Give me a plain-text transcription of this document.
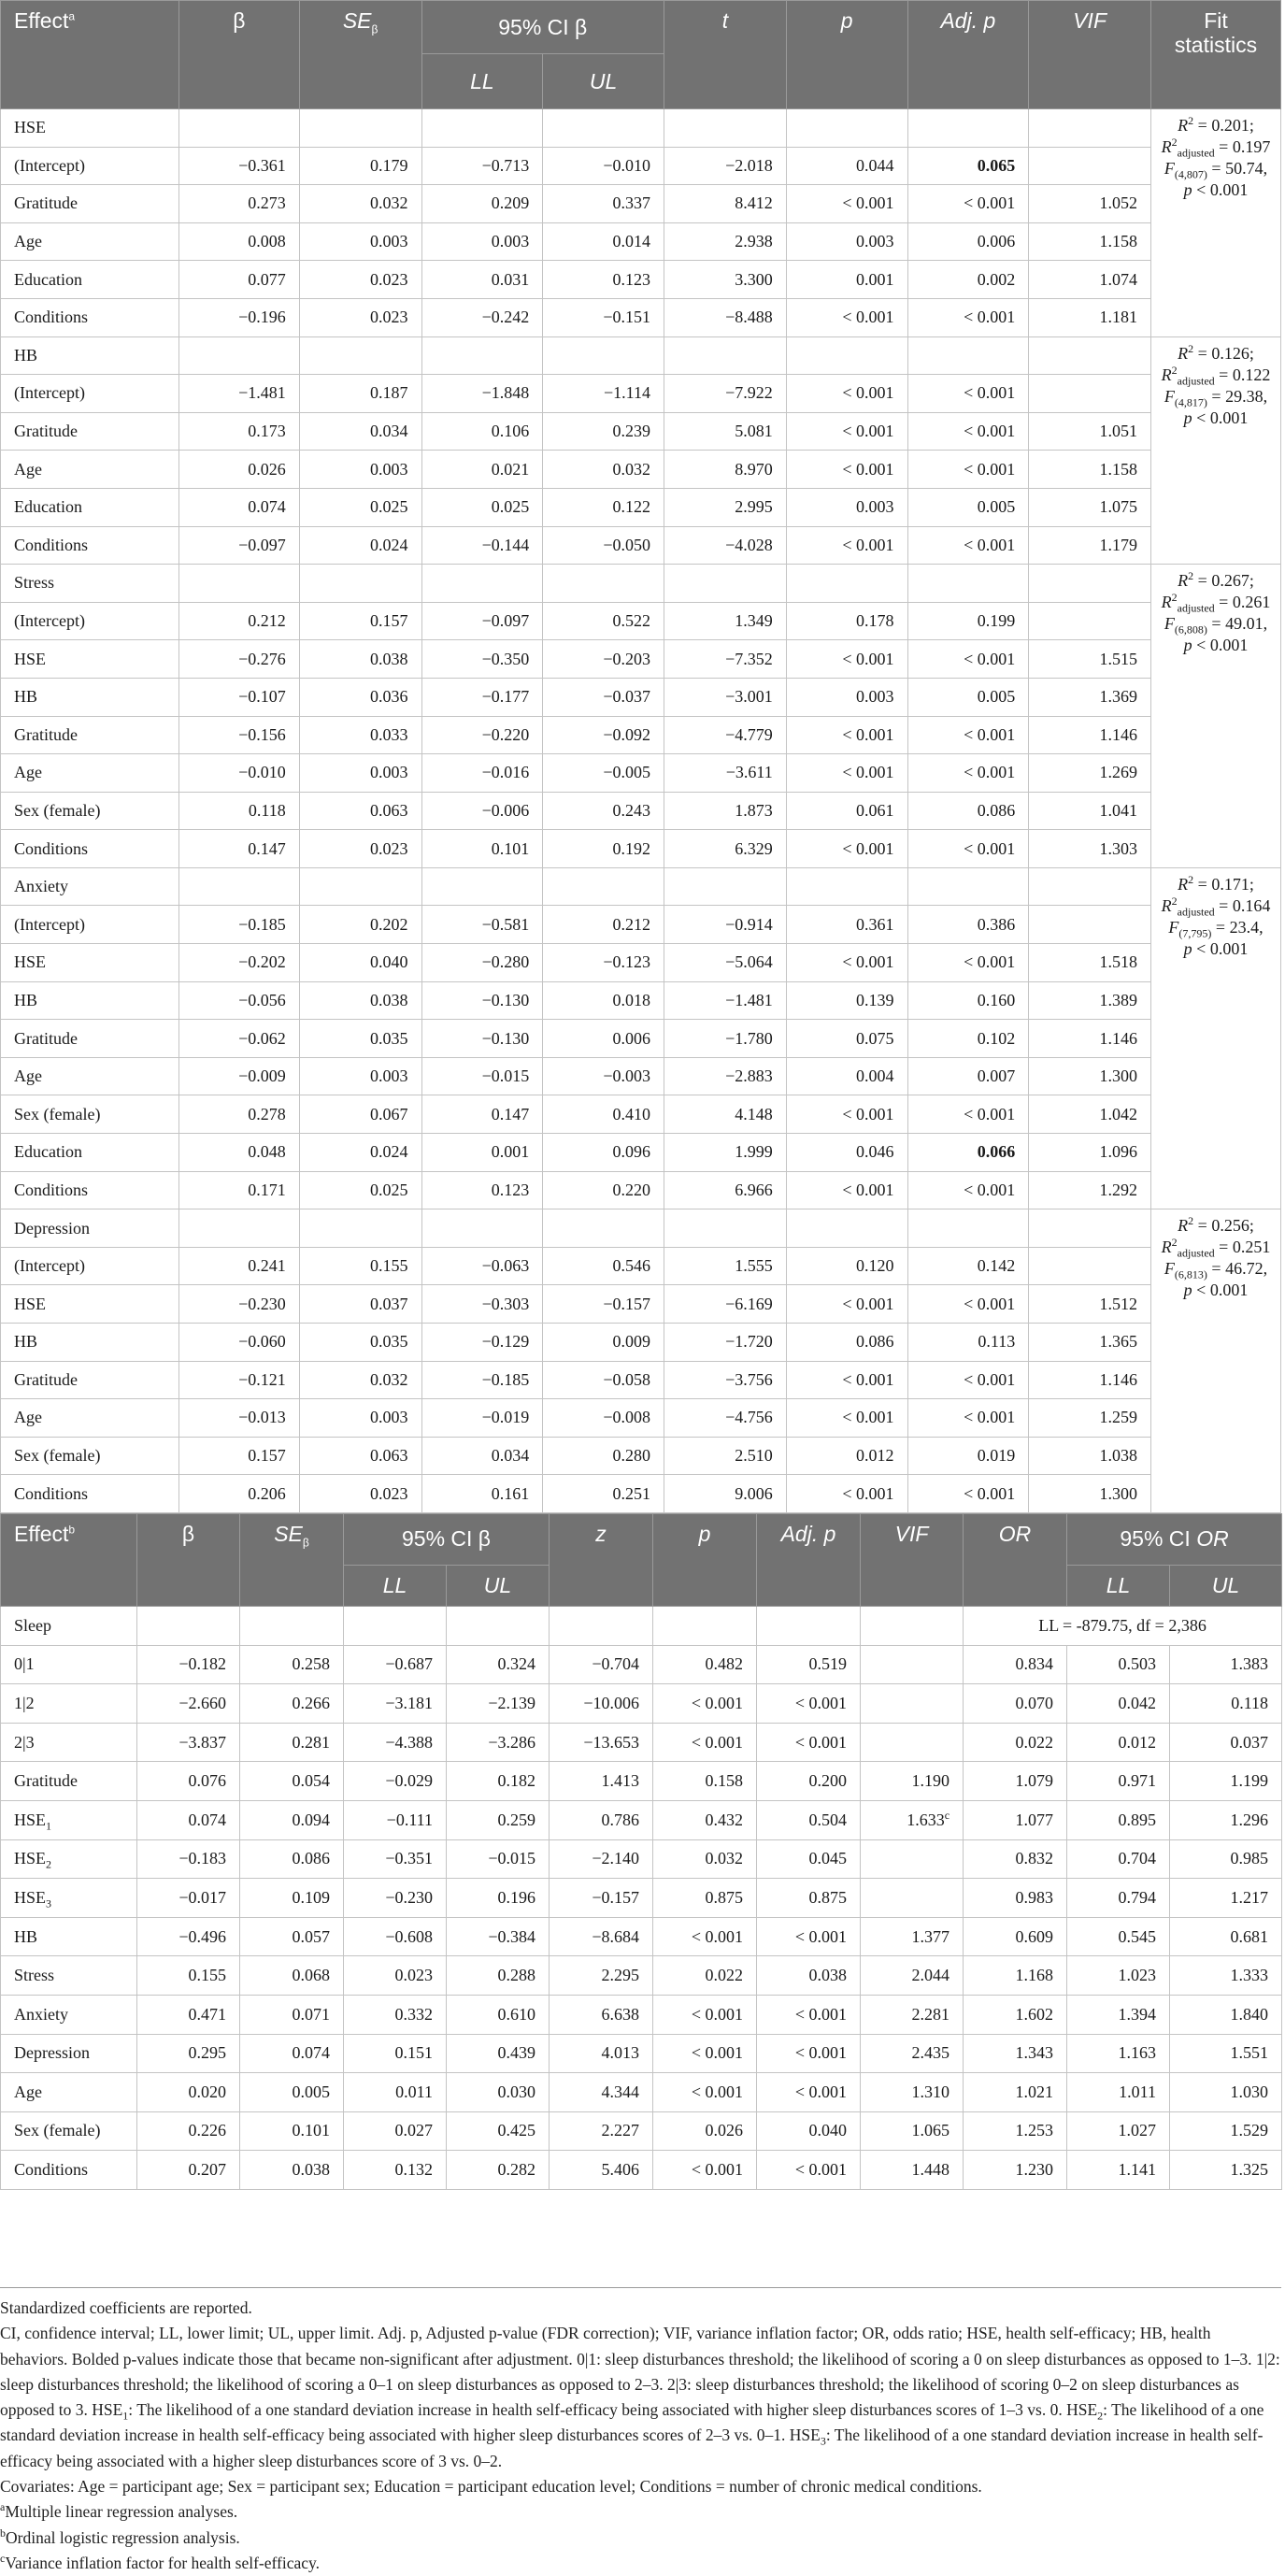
Effect$^a$	β	$SE_\beta$	95% CI β		t	p	Adj. p	VIF	Fit statistics
			LL	UL					
HSE									$R^2 = 0.201$;
$R^2_{adjusted} = 0.197$
$F_{(4,807)} = 50.74$,
p < 0.001
(Intercept)	−0.361	0.179	−0.713	−0.010	−2.018	0.044	0.065		
Gratitude	0.273	0.032	0.209	0.337	8.412	< 0.001	< 0.001	1.052	
Age	0.008	0.003	0.003	0.014	2.938	0.003	0.006	1.158	
Education	0.077	0.023	0.031	0.123	3.300	0.001	0.002	1.074	
Conditions	−0.196	0.023	−0.242	−0.151	−8.488	< 0.001	< 0.001	1.181	
HB									$R^2 = 0.126$;
$R^2_{adjusted} = 0.122$
$F_{(4,817)} = 29.38$,
p < 0.001
(Intercept)	−1.481	0.187	−1.848	−1.114	−7.922	< 0.001	< 0.001		
Gratitude	0.173	0.034	0.106	0.239	5.081	< 0.001	< 0.001	1.051	
Age	0.026	0.003	0.021	0.032	8.970	< 0.001	< 0.001	1.158	
Education	0.074	0.025	0.025	0.122	2.995	0.003	0.005	1.075	
Conditions	−0.097	0.024	−0.144	−0.050	−4.028	< 0.001	< 0.001	1.179	
Stress									$R^2 = 0.267$;
$R^2_{adjusted} = 0.261$
$F_{(6,808)} = 49.01$,
p < 0.001
(Intercept)	0.212	0.157	−0.097	0.522	1.349	0.178	0.199		
HSE	−0.276	0.038	−0.350	−0.203	−7.352	< 0.001	< 0.001	1.515	
HB	−0.107	0.036	−0.177	−0.037	−3.001	0.003	0.005	1.369	
Gratitude	−0.156	0.033	−0.220	−0.092	−4.779	< 0.001	< 0.001	1.146	
Age	−0.010	0.003	−0.016	−0.005	−3.611	< 0.001	< 0.001	1.269	
Sex (female)	0.118	0.063	−0.006	0.243	1.873	0.061	0.086	1.041	
Conditions	0.147	0.023	0.101	0.192	6.329	< 0.001	< 0.001	1.303	
Anxiety									$R^2 = 0.171$;
$R^2_{adjusted} = 0.164$
$F_{(7,795)} = 23.4$,
p < 0.001
(Intercept)	−0.185	0.202	−0.581	0.212	−0.914	0.361	0.386		
HSE	−0.202	0.040	−0.280	−0.123	−5.064	< 0.001	< 0.001	1.518	
HB	−0.056	0.038	−0.130	0.018	−1.481	0.139	0.160	1.389	
Gratitude	−0.062	0.035	−0.130	0.006	−1.780	0.075	0.102	1.146	
Age	−0.009	0.003	−0.015	−0.003	−2.883	0.004	0.007	1.300	
Sex (female)	0.278	0.067	0.147	0.410	4.148	< 0.001	< 0.001	1.042	
Education	0.048	0.024	0.001	0.096	1.999	0.046	0.066	1.096	
Conditions	0.171	0.025	0.123	0.220	6.966	< 0.001	< 0.001	1.292	
Depression									$R^2 = 0.256$;
$R^2_{adjusted} = 0.251$
$F_{(6,813)} = 46.72$,
p < 0.001
(Intercept)	0.241	0.155	−0.063	0.546	1.555	0.120	0.142		
HSE	−0.230	0.037	−0.303	−0.157	−6.169	< 0.001	< 0.001	1.512	
HB	−0.060	0.035	−0.129	0.009	−1.720	0.086	0.113	1.365	
Gratitude	−0.121	0.032	−0.185	−0.058	−3.756	< 0.001	< 0.001	1.146	
Age	−0.013	0.003	−0.019	−0.008	−4.756	< 0.001	< 0.001	1.259	
Sex (female)	0.157	0.063	0.034	0.280	2.510	0.012	0.019	1.038	
Conditions	0.206	0.023	0.161	0.251	9.006	< 0.001	< 0.001	1.300	
Effect$^b$	β	$SE_\beta$	95% CI β		z	p	Adj. p	VIF	OR	95% CI OR	
			LL	UL						LL	UL
Sleep									LL = -879.75, df = 2,386		
0|1	−0.182	0.258	−0.687	0.324	−0.704	0.482	0.519		0.834	0.503	1.383
1|2	−2.660	0.266	−3.181	−2.139	−10.006	< 0.001	< 0.001		0.070	0.042	0.118
2|3	−3.837	0.281	−4.388	−3.286	−13.653	< 0.001	< 0.001		0.022	0.012	0.037
Gratitude	0.076	0.054	−0.029	0.182	1.413	0.158	0.200	1.190	1.079	0.971	1.199
$HSE_1$	0.074	0.094	−0.111	0.259	0.786	0.432	0.504	1.633$^c$	1.077	0.895	1.296
$HSE_2$	−0.183	0.086	−0.351	−0.015	−2.140	0.032	0.045		0.832	0.704	0.985
$HSE_3$	−0.017	0.109	−0.230	0.196	−0.157	0.875	0.875		0.983	0.794	1.217
HB	−0.496	0.057	−0.608	−0.384	−8.684	< 0.001	< 0.001	1.377	0.609	0.545	0.681
Stress	0.155	0.068	0.023	0.288	2.295	0.022	0.038	2.044	1.168	1.023	1.333
Anxiety	0.471	0.071	0.332	0.610	6.638	< 0.001	< 0.001	2.281	1.602	1.394	1.840
Depression	0.295	0.074	0.151	0.439	4.013	< 0.001	< 0.001	2.435	1.343	1.163	1.551
Age	0.020	0.005	0.011	0.030	4.344	< 0.001	< 0.001	1.310	1.021	1.011	1.030
Sex (female)	0.226	0.101	0.027	0.425	2.227	0.026	0.040	1.065	1.253	1.027	1.529
Conditions	0.207	0.038	0.132	0.282	5.406	< 0.001	< 0.001	1.448	1.230	1.141	1.325

Standardized coefficients are reported.

CI, confidence interval; LL, lower limit; UL, upper limit. Adj. p, Adjusted p-value (FDR correction); VIF, variance inflation factor; OR, odds ratio; HSE, health self-efficacy; HB, health behaviors. Bolded p-values indicate those that became non-significant after adjustment. 0|1: sleep disturbances threshold; the likelihood of scoring a 0 on sleep disturbances as opposed to 1–3. 1|2: sleep disturbances threshold; the likelihood of scoring a 0–1 on sleep disturbances as opposed to 2–3. 2|3: sleep disturbances threshold; the likelihood of scoring 0–2 on sleep disturbances as opposed to 3. $HSE_1$: The likelihood of a one standard deviation increase in health self-efficacy being associated with higher sleep disturbances scores of 1–3 vs. 0. $HSE_2$: The likelihood of a one standard deviation increase in health self-efficacy being associated with higher sleep disturbances scores of 2–3 vs. 0–1. $HSE_3$: The likelihood of a one standard deviation increase in health self-efficacy being associated with a higher sleep disturbances score of 3 vs. 0–2.

Covariates: Age = participant age; Sex = participant sex; Education = participant education level; Conditions = number of chronic medical conditions.

$^a$Multiple linear regression analyses.

$^b$Ordinal logistic regression analysis.

$^c$Variance inflation factor for health self-efficacy.
